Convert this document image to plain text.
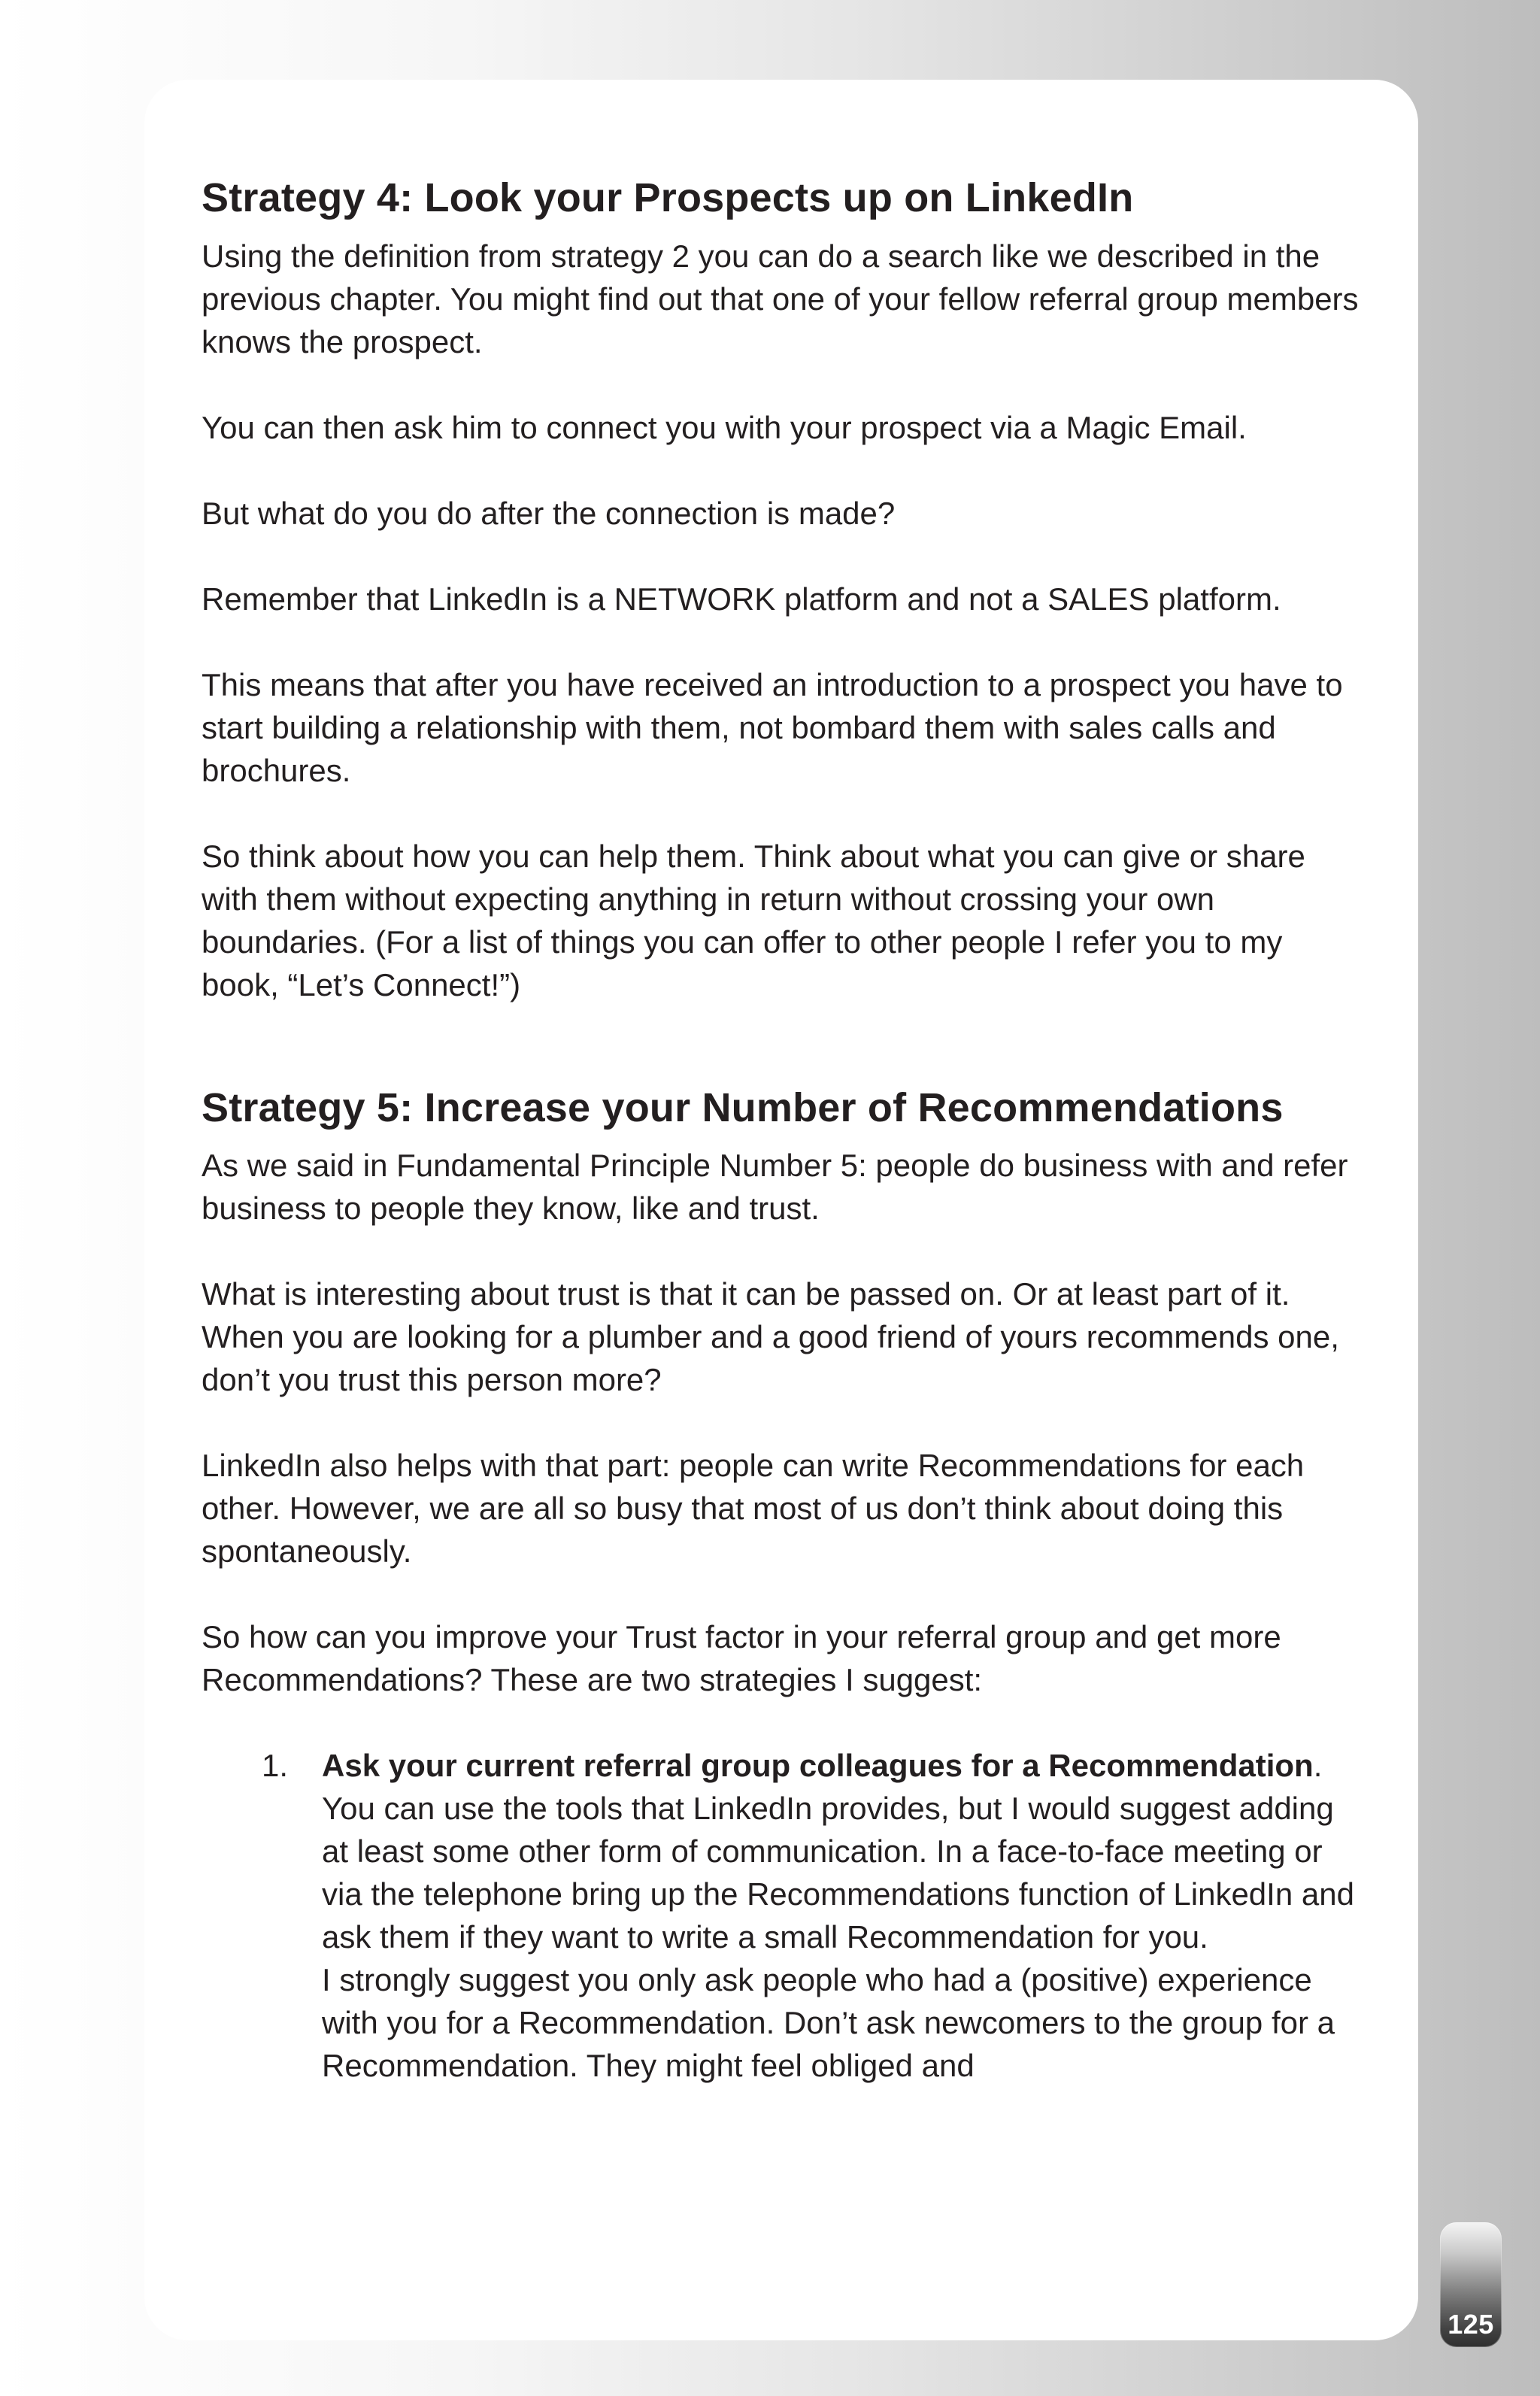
Strategy 4: Look your Prospects up on LinkedIn

Using the definition from strategy 2 you can do a search like we described in the previous chapter. You might find out that one of your fellow referral group members knows the prospect.

You can then ask him to connect you with your prospect via a Magic Email.

But what do you do after the connection is made?

Remember that LinkedIn is a NETWORK platform and not a SALES platform.

This means that after you have received an introduction to a prospect you have to start building a relationship with them, not bombard them with sales calls and brochures.

So think about how you can help them. Think about what you can give or share with them without expecting anything in return without crossing your own boundaries. (For a list of things you can offer to other people I refer you to my book, “Let’s Connect!”)

Strategy 5: Increase your Number of Recommendations

As we said in Fundamental Principle Number 5: people do business with and refer business to people they know, like and trust.

What is interesting about trust is that it can be passed on. Or at least part of it. When you are looking for a plumber and a good friend of yours recommends one, don’t you trust this person more?

LinkedIn also helps with that part: people can write Recommendations for each other. However, we are all so busy that most of us don’t think about doing this spontaneously.

So how can you improve your Trust factor in your referral group and get more Recommendations? These are two strategies I suggest:

1. Ask your current referral group colleagues for a Recommendation. You can use the tools that LinkedIn provides, but I would suggest adding at least some other form of communication. In a face-to-face meeting or via the telephone bring up the Recommendations function of LinkedIn and ask them if they want to write a small Recommendation for you.
I strongly suggest you only ask people who had a (positive) experience with you for a Recommendation. Don’t ask newcomers to the group for a Recommendation. They might feel obliged and
125
